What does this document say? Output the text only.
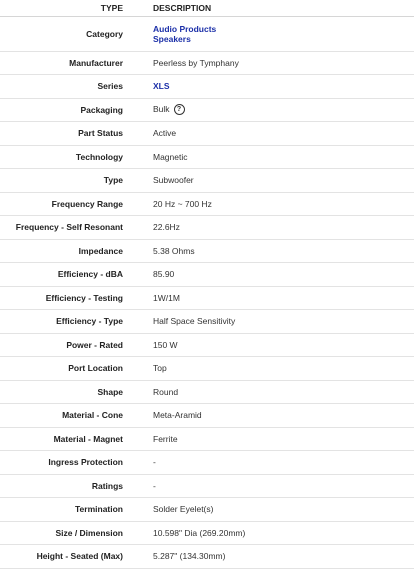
TYPE	DESCRIPTION
Category	Audio Products
Speakers

Manufacturer	Peerless by Tymphany
Series	XLS

Packaging	Bulk ?
Part Status	Active
Technology	Magnetic
Type	Subwoofer
Frequency Range	20 Hz ~ 700 Hz
Frequency - Self Resonant	22.6Hz
Impedance	5.38 Ohms
Efficiency - dBA	85.90
Efficiency - Testing	1W/1M
Efficiency - Type	Half Space Sensitivity
Power - Rated	150 W
Port Location	Top
Shape	Round
Material - Cone	Meta-Aramid
Material - Magnet	Ferrite
Ingress Protection	-
Ratings	-
Termination	Solder Eyelet(s)
Size / Dimension	10.598" Dia (269.20mm)
Height - Seated (Max)	5.287" (134.30mm)
